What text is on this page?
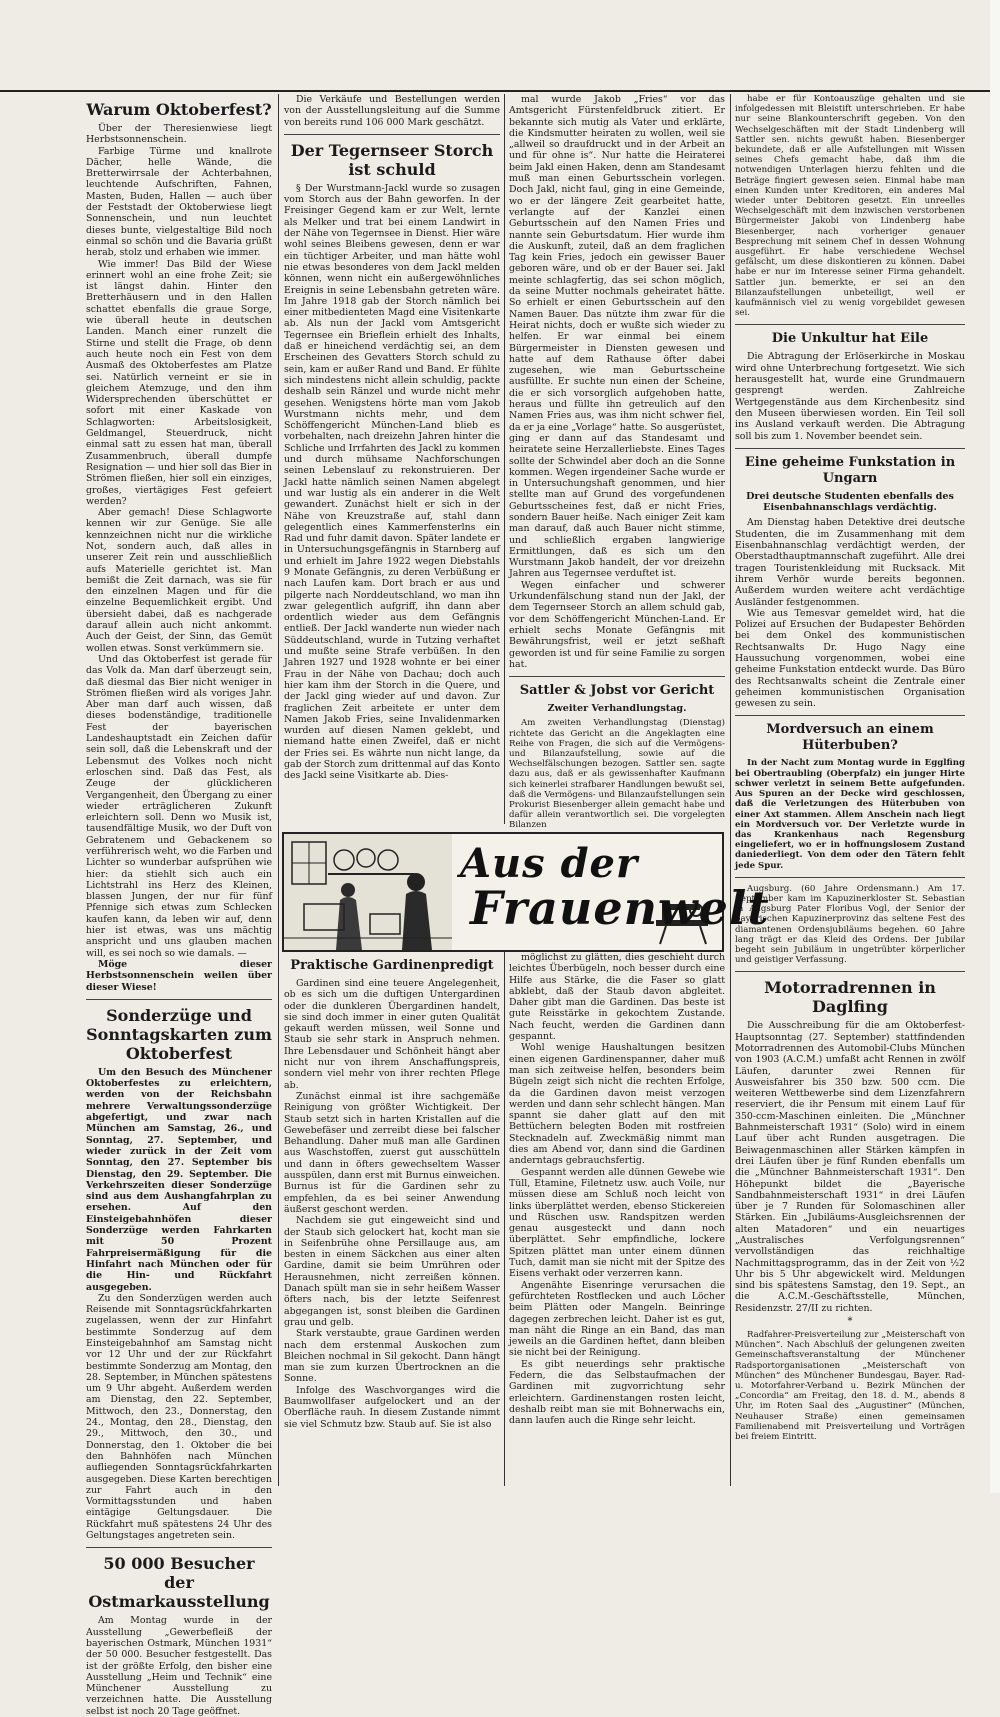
Warum Oktoberfest?

Über der Theresienwiese liegt Herbstsonnenschein.

Farbige Türme und knallrote Dächer, helle Wände, die Bretterwirrsale der Achterbahnen, leuchtende Aufschriften, Fahnen, Masten, Buden, Hallen — auch über der Feststadt der Oktoberwiese liegt Sonnenschein, und nun leuchtet dieses bunte, vielgestaltige Bild noch einmal so schön und die Bavaria grüßt herab, stolz und erhaben wie immer.

Wie immer! Das Bild der Wiese erinnert wohl an eine frohe Zeit; sie ist längst dahin. Hinter den Bretterhäusern und in den Hallen schattet ebenfalls die graue Sorge, wie überall heute in deutschen Landen. Manch einer runzelt die Stirne und stellt die Frage, ob denn auch heute noch ein Fest von dem Ausmaß des Oktoberfestes am Platze sei. Natürlich verneint er sie in gleichem Atemzuge, und den ihm Widersprechenden überschüttet er sofort mit einer Kaskade von Schlagworten: Arbeitslosigkeit, Geldmangel, Steuerdruck, nicht einmal satt zu essen hat man, überall Zusammenbruch, überall dumpfe Resignation — und hier soll das Bier in Strömen fließen, hier soll ein einziges, großes, viertägiges Fest gefeiert werden?

Aber gemach! Diese Schlagworte kennen wir zur Genüge. Sie alle kennzeichnen nicht nur die wirkliche Not, sondern auch, daß alles in unserer Zeit rein und ausschließlich aufs Materielle gerichtet ist. Man bemißt die Zeit darnach, was sie für den einzelnen Magen und für die einzelne Bequemlichkeit ergibt. Und übersieht dabei, daß es nachgerade darauf allein auch nicht ankommt. Auch der Geist, der Sinn, das Gemüt wollen etwas. Sonst verkümmern sie.

Und das Oktoberfest ist gerade für das Volk da. Man darf überzeugt sein, daß diesmal das Bier nicht weniger in Strömen fließen wird als voriges Jahr. Aber man darf auch wissen, daß dieses bodenständige, traditionelle Fest der bayerischen Landeshauptstadt ein Zeichen dafür sein soll, daß die Lebenskraft und der Lebensmut des Volkes noch nicht erloschen sind. Daß das Fest, als Zeuge der glücklicheren Vergangenheit, den Übergang zu einer wieder erträglicheren Zukunft erleichtern soll. Denn wo Musik ist, tausendfältige Musik, wo der Duft von Gebratenem und Gebackenem so verführerisch weht, wo die Farben und Lichter so wunderbar aufsprühen wie hier: da stiehlt sich auch ein Lichtstrahl ins Herz des Kleinen, blassen Jungen, der nur für fünf Pfennige sich etwas zum Schlecken kaufen kann, da leben wir auf, denn hier ist etwas, was uns mächtig anspricht und uns glauben machen will, es sei noch so wie damals. —

Möge dieser Herbstsonnenschein weilen über dieser Wiese!

Sonderzüge und Sonntagskarten zum Oktoberfest

Um den Besuch des Münchener Oktoberfestes zu erleichtern, werden von der Reichsbahn mehrere Verwaltungssonderzüge abgefertigt, und zwar nach München am Samstag, 26., und Sonntag, 27. September, und wieder zurück in der Zeit vom Sonntag, den 27. September bis Dienstag, den 29. September. Die Verkehrszeiten dieser Sonderzüge sind aus dem Aushangfahrplan zu ersehen. Auf den Einsteigebahnhöfen dieser Sonderzüge werden Fahrkarten mit 50 Prozent Fahrpreisermäßigung für die Hinfahrt nach München oder für die Hin- und Rückfahrt ausgegeben.

Zu den Sonderzügen werden auch Reisende mit Sonntagsrückfahrkarten zugelassen, wenn der zur Hinfahrt bestimmte Sonderzug auf dem Einsteigebahnhof am Samstag nicht vor 12 Uhr und der zur Rückfahrt bestimmte Sonderzug am Montag, den 28. September, in München spätestens um 9 Uhr abgeht. Außerdem werden am Dienstag, den 22. September, Mittwoch, den 23., Donnerstag, den 24., Montag, den 28., Dienstag, den 29., Mittwoch, den 30., und Donnerstag, den 1. Oktober die bei den Bahnhöfen nach München aufliegenden Sonntagsrückfahrkarten ausgegeben. Diese Karten berechtigen zur Fahrt auch in den Vormittagsstunden und haben eintägige Geltungsdauer. Die Rückfahrt muß spätestens 24 Uhr des Geltungstages angetreten sein.

50 000 Besucher der Ostmarkausstellung

Am Montag wurde in der Ausstellung „Gewerbefleiß der bayerischen Ostmark, München 1931“ der 50 000. Besucher festgestellt. Das ist der größte Erfolg, den bisher eine Ausstellung „Heim und Technik“ eine Münchener Ausstellung zu verzeichnen hatte. Die Ausstellung selbst ist noch 20 Tage geöffnet.

Die Verkäufe und Bestellungen werden von der Ausstellungsleitung auf die Summe von bereits rund 106 000 Mark geschätzt.

Der Tegernseer Storch ist schuld

§ Der Wurstmann-Jackl wurde so zusagen vom Storch aus der Bahn geworfen. In der Freisinger Gegend kam er zur Welt, lernte als Melker und trat bei einem Landwirt in der Nähe von Tegernsee in Dienst. Hier wäre wohl seines Bleibens gewesen, denn er war ein tüchtiger Arbeiter, und man hätte wohl nie etwas besonderes von dem Jackl melden können, wenn nicht ein außergewöhnliches Ereignis in seine Lebensbahn getreten wäre. Im Jahre 1918 gab der Storch nämlich bei einer mitbedienteten Magd eine Visitenkarte ab. Als nun der Jackl vom Amtsgericht Tegernsee ein Brieflein erhielt des Inhalts, daß er hineichend verdächtig sei, an dem Erscheinen des Gevatters Storch schuld zu sein, kam er außer Rand und Band. Er fühlte sich mindestens nicht allein schuldig, packte deshalb sein Ränzel und wurde nicht mehr gesehen. Wenigstens hörte man vom Jakob Wurstmann nichts mehr, und dem Schöffengericht München-Land blieb es vorbehalten, nach dreizehn Jahren hinter die Schliche und Irrfahrten des Jackl zu kommen und durch mühsame Nachforschungen seinen Lebenslauf zu rekonstruieren. Der Jackl hatte nämlich seinen Namen abgelegt und war lustig als ein anderer in die Welt gewandert. Zunächst hielt er sich in der Nähe von Kreuzstraße auf, stahl dann gelegentlich eines Kammerfensterlns ein Rad und fuhr damit davon. Später landete er in Untersuchungsgefängnis in Starnberg auf und erhielt im Jahre 1922 wegen Diebstahls 9 Monate Gefängnis, zu deren Verbüßung er nach Laufen kam. Dort brach er aus und pilgerte nach Norddeutschland, wo man ihn zwar gelegentlich aufgriff, ihn dann aber ordentlich wieder aus dem Gefängnis entließ. Der Jackl wanderte nun wieder nach Süddeutschland, wurde in Tutzing verhaftet und mußte seine Strafe verbüßen. In den Jahren 1927 und 1928 wohnte er bei einer Frau in der Nähe von Dachau; doch auch hier kam ihm der Storch in die Quere, und der Jackl ging wieder auf und davon. Zur fraglichen Zeit arbeitete er unter dem Namen Jakob Fries, seine Invalidenmarken wurden auf diesen Namen geklebt, und niemand hatte einen Zweifel, daß er nicht der Fries sei. Es währte nun nicht lange, da gab der Storch zum drittenmal auf das Konto des Jackl seine Visitkarte ab. Dies-

mal wurde Jakob „Fries“ vor das Amtsgericht Fürstenfeldbruck zitiert. Er bekannte sich mutig als Vater und erklärte, die Kindsmutter heiraten zu wollen, weil sie „allweil so draufdruckt und in der Arbeit an und für ohne is“. Nur hatte die Heiraterei beim Jakl einen Haken, denn am Standesamt muß man einen Geburtsschein vorlegen. Doch Jakl, nicht faul, ging in eine Gemeinde, wo er der längere Zeit gearbeitet hatte, verlangte auf der Kanzlei einen Geburtsschein auf den Namen Fries und nannte sein Geburtsdatum. Hier wurde ihm die Auskunft, zuteil, daß an dem fraglichen Tag kein Fries, jedoch ein gewisser Bauer geboren wäre, und ob er der Bauer sei. Jakl meinte schlagfertig, das sei schon möglich, da seine Mutter nochmals geheiratet hätte. So erhielt er einen Geburtsschein auf den Namen Bauer. Das nützte ihm zwar für die Heirat nichts, doch er wußte sich wieder zu helfen. Er war einmal bei einem Bürgermeister in Diensten gewesen und hatte auf dem Rathause öfter dabei zugesehen, wie man Geburtsscheine ausfüllte. Er suchte nun einen der Scheine, die er sich vorsorglich aufgehoben hatte, heraus und füllte ihn getreulich auf den Namen Fries aus, was ihm nicht schwer fiel, da er ja eine „Vorlage“ hatte. So ausgerüstet, ging er dann auf das Standesamt und heiratete seine Herzallerliebste. Eines Tages sollte der Schwindel aber doch an die Sonne kommen. Wegen irgendeiner Sache wurde er in Untersuchungshaft genommen, und hier stellte man auf Grund des vorgefundenen Geburtsscheines fest, daß er nicht Fries, sondern Bauer heiße. Nach einiger Zeit kam man darauf, daß auch Bauer nicht stimme, und schließlich ergaben langwierige Ermittlungen, daß es sich um den Wurstmann Jakob handelt, der vor dreizehn Jahren aus Tegernsee verduftet ist.

Wegen einfacher und schwerer Urkundenfälschung stand nun der Jakl, der dem Tegernseer Storch an allem schuld gab, vor dem Schöffengericht München-Land. Er erhielt sechs Monate Gefängnis mit Bewährungsfrist, weil er jetzt seßhaft geworden ist und für seine Familie zu sorgen hat.

Sattler & Jobst vor Gericht
Zweiter Verhandlungstag.

Am zweiten Verhandlungstag (Dienstag) richtete das Gericht an die Angeklagten eine Reihe von Fragen, die sich auf die Vermögens- und Bilanzaufstellung, sowie auf die Wechselfälschungen bezogen. Sattler sen. sagte dazu aus, daß er als gewissenhafter Kaufmann sich keinerlei strafbarer Handlungen bewußt sei, daß die Vermögens- und Bilanzaufstellungen sein Prokurist Biesenberger allein gemacht habe und dafür allein verantwortlich sei. Die vorgelegten Bilanzen

habe er für Kontoauszüge gehalten und sie infolgedessen mit Bleistift unterschrieben. Er habe nur seine Blankounterschrift gegeben. Von den Wechselgeschäften mit der Stadt Lindenberg will Sattler sen. nichts gewußt haben. Biesenberger bekundete, daß er alle Aufstellungen mit Wissen seines Chefs gemacht habe, daß ihm die notwendigen Unterlagen hierzu fehlten und die Beträge fingiert gewesen seien. Einmal habe man einen Kunden unter Kreditoren, ein anderes Mal wieder unter Debitoren gesetzt. Ein unreelles Wechselgeschäft mit dem inzwischen verstorbenen Bürgermeister Jakobi von Lindenberg habe Biesenberger, nach vorheriger genauer Besprechung mit seinem Chef in dessen Wohnung ausgeführt. Er habe verschiedene Wechsel gefälscht, um diese diskontieren zu können. Dabei habe er nur im Interesse seiner Firma gehandelt. Sattler jun. bemerkte, er sei an den Bilanzaufstellungen unbeteiligt, weil er kaufmännisch viel zu wenig vorgebildet gewesen sei.

Die Unkultur hat Eile

Die Abtragung der Erlöserkirche in Moskau wird ohne Unterbrechung fortgesetzt. Wie sich herausgestellt hat, wurde eine Grundmauern gesprengt werden. Zahlreiche Wertgegenstände aus dem Kirchenbesitz sind den Museen überwiesen worden. Ein Teil soll ins Ausland verkauft werden. Die Abtragung soll bis zum 1. November beendet sein.

Eine geheime Funkstation in Ungarn
Drei deutsche Studenten ebenfalls des Eisenbahnanschlags verdächtig.

Am Dienstag haben Detektive drei deutsche Studenten, die im Zusammenhang mit dem Eisenbahnanschlag verdächtigt werden, der Oberstadthauptmannschaft zugeführt. Alle drei tragen Touristenkleidung mit Rucksack. Mit ihrem Verhör wurde bereits begonnen. Außerdem wurden weitere acht verdächtige Ausländer festgenommen.

Wie aus Temesvar gemeldet wird, hat die Polizei auf Ersuchen der Budapester Behörden bei dem Onkel des kommunistischen Rechtsanwalts Dr. Hugo Nagy eine Haussuchung vorgenommen, wobei eine geheime Funkstation entdeckt wurde. Das Büro des Rechtsanwalts scheint die Zentrale einer geheimen kommunistischen Organisation gewesen zu sein.

Mordversuch an einem Hüterbuben?

In der Nacht zum Montag wurde in Egglfing bei Obertraubling (Oberpfalz) ein junger Hirte schwer verletzt in seinem Bette aufgefunden. Aus Spuren an der Decke wird geschlossen, daß die Verletzungen des Hüterbuben von einer Axt stammen. Allem Anschein nach liegt ein Mordversuch vor. Der Verletzte wurde in das Krankenhaus nach Regensburg eingeliefert, wo er in hoffnungslosem Zustand daniederliegt. Von dem oder den Tätern fehlt jede Spur.

Augsburg. (60 Jahre Ordensmann.) Am 17. September kam im Kapuzinerkloster St. Sebastian in Augsburg Pater Floribus Vogl, der Senior der bayerischen Kapuzinerprovinz das seltene Fest des diamantenen Ordensjubiläums begehen. 60 Jahre lang trägt er das Kleid des Ordens. Der Jubilar begeht sein Jubiläum in ungetrübter körperlicher und geistiger Verfassung.

Motorradrennen in Daglfing

Die Ausschreibung für die am Oktoberfest-Hauptsonntag (27. September) stattfindenden Motorradrennen des Automobil-Clubs München von 1903 (A.C.M.) umfaßt acht Rennen in zwölf Läufen, darunter zwei Rennen für Ausweisfahrer bis 350 bzw. 500 ccm. Die weiteren Wettbewerbe sind dem Lizenzfahrern reserviert, die ihr Pensum mit einem Lauf für 350-ccm-Maschinen einleiten. Die „Münchner Bahnmeisterschaft 1931“ (Solo) wird in einem Lauf über acht Runden ausgetragen. Die Beiwagenmaschinen aller Stärken kämpfen in drei Läufen über je fünf Runden ebenfalls um die „Münchner Bahnmeisterschaft 1931“. Den Höhepunkt bildet die „Bayerische Sandbahnmeisterschaft 1931“ in drei Läufen über je 7 Runden für Solomaschinen aller Stärken. Ein „Jubiläums-Ausgleichsrennen der alten Matadoren“ und ein neuartiges „Australisches Verfolgungsrennen“ vervollständigen das reichhaltige Nachmittagsprogramm, das in der Zeit von ½2 Uhr bis 5 Uhr abgewickelt wird. Meldungen sind bis spätestens Samstag, den 19. Sept., an die A.C.M.-Geschäftsstelle, München, Residenzstr. 27/II zu richten.

*

Radfahrer-Preisverteilung zur „Meisterschaft von München“. Nach Abschluß der gelungenen zweiten Gemeinschaftsveranstaltung der Münchener Radsportorganisationen „Meisterschaft von München“ des Münchener Bundesgau, Bayer. Rad- u. Motorfahrer-Verband u. Bezirk München der „Concordia“ am Freitag, den 18. d. M., abends 8 Uhr, im Roten Saal des „Augustiner“ (München, Neuhauser Straße) einen gemeinsamen Familienabend mit Preisverteilung und Vorträgen bei freiem Eintritt.

Aus der
Frauenwelt
Praktische Gardinenpredigt

Gardinen sind eine teuere Angelegenheit, ob es sich um die duftigen Untergardinen oder die dunkleren Übergardinen handelt, sie sind doch immer in einer guten Qualität gekauft werden müssen, weil Sonne und Staub sie sehr stark in Anspruch nehmen. Ihre Lebensdauer und Schönheit hängt aber nicht nur von ihrem Anschaffungspreis, sondern viel mehr von ihrer rechten Pflege ab.

Zunächst einmal ist ihre sachgemäße Reinigung von größter Wichtigkeit. Der Staub setzt sich in harten Kristallen auf die Gewebefäser und zerreibt diese bei falscher Behandlung. Daher muß man alle Gardinen aus Waschstoffen, zuerst gut ausschütteln und dann in öfters gewechseltem Wasser ausspülen, dann erst mit Burnus einweichen. Burnus ist für die Gardinen sehr zu empfehlen, da es bei seiner Anwendung äußerst geschont werden.

Nachdem sie gut eingeweicht sind und der Staub sich gelockert hat, kocht man sie in Seifenbrühe ohne Persillauge aus, am besten in einem Säckchen aus einer alten Gardine, damit sie beim Umrühren oder Herausnehmen, nicht zerreißen können. Danach spült man sie in sehr heißem Wasser öfters nach, bis der letzte Seifenrest abgegangen ist, sonst bleiben die Gardinen grau und gelb.

Stark verstaubte, graue Gardinen werden nach dem erstenmal Auskochen zum Bleichen nochmal in Sil gekocht. Dann hängt man sie zum kurzen Übertrocknen an die Sonne.

Infolge des Waschvorganges wird die Baumwollfaser aufgelockert und an der Oberfläche rauh. In diesem Zustande nimmt sie viel Schmutz bzw. Staub auf. Sie ist also

möglichst zu glätten, dies geschieht durch leichtes Überbügeln, noch besser durch eine Hilfe aus Stärke, die die Faser so glatt abklebt, daß der Staub davon abgleitet. Daher gibt man die Gardinen. Das beste ist gute Reisstärke in gekochtem Zustande. Nach feucht, werden die Gardinen dann gespannt.

Wohl wenige Haushaltungen besitzen einen eigenen Gardinenspanner, daher muß man sich zeitweise helfen, besonders beim Bügeln zeigt sich nicht die rechten Erfolge, da die Gardinen davon meist verzogen werden und dann sehr schlecht hängen. Man spannt sie daher glatt auf den mit Bettüchern belegten Boden mit rostfreien Stecknadeln auf. Zweckmäßig nimmt man dies am Abend vor, dann sind die Gardinen anderntags gebrauchsfertig.

Gespannt werden alle dünnen Gewebe wie Tüll, Etamine, Filetnetz usw. auch Voile, nur müssen diese am Schluß noch leicht von links überplättet werden, ebenso Stickereien und Rüschen usw. Randspitzen werden genau ausgesteckt und dann noch überplättet. Sehr empfindliche, lockere Spitzen plättet man unter einem dünnen Tuch, damit man sie nicht mit der Spitze des Eisens verhakt oder verzerren kann.

Angenähte Eisenringe verursachen die gefürchteten Rostflecken und auch Löcher beim Plätten oder Mangeln. Beinringe dagegen zerbrechen leicht. Daher ist es gut, man näht die Ringe an ein Band, das man jeweils an die Gardinen heftet, dann bleiben sie nicht bei der Reinigung.

Es gibt neuerdings sehr praktische Federn, die das Selbstaufmachen der Gardinen mit zugvorrichtung sehr erleichtern. Gardinenstangen rosten leicht, deshalb reibt man sie mit Bohnerwachs ein, dann laufen auch die Ringe sehr leicht.
